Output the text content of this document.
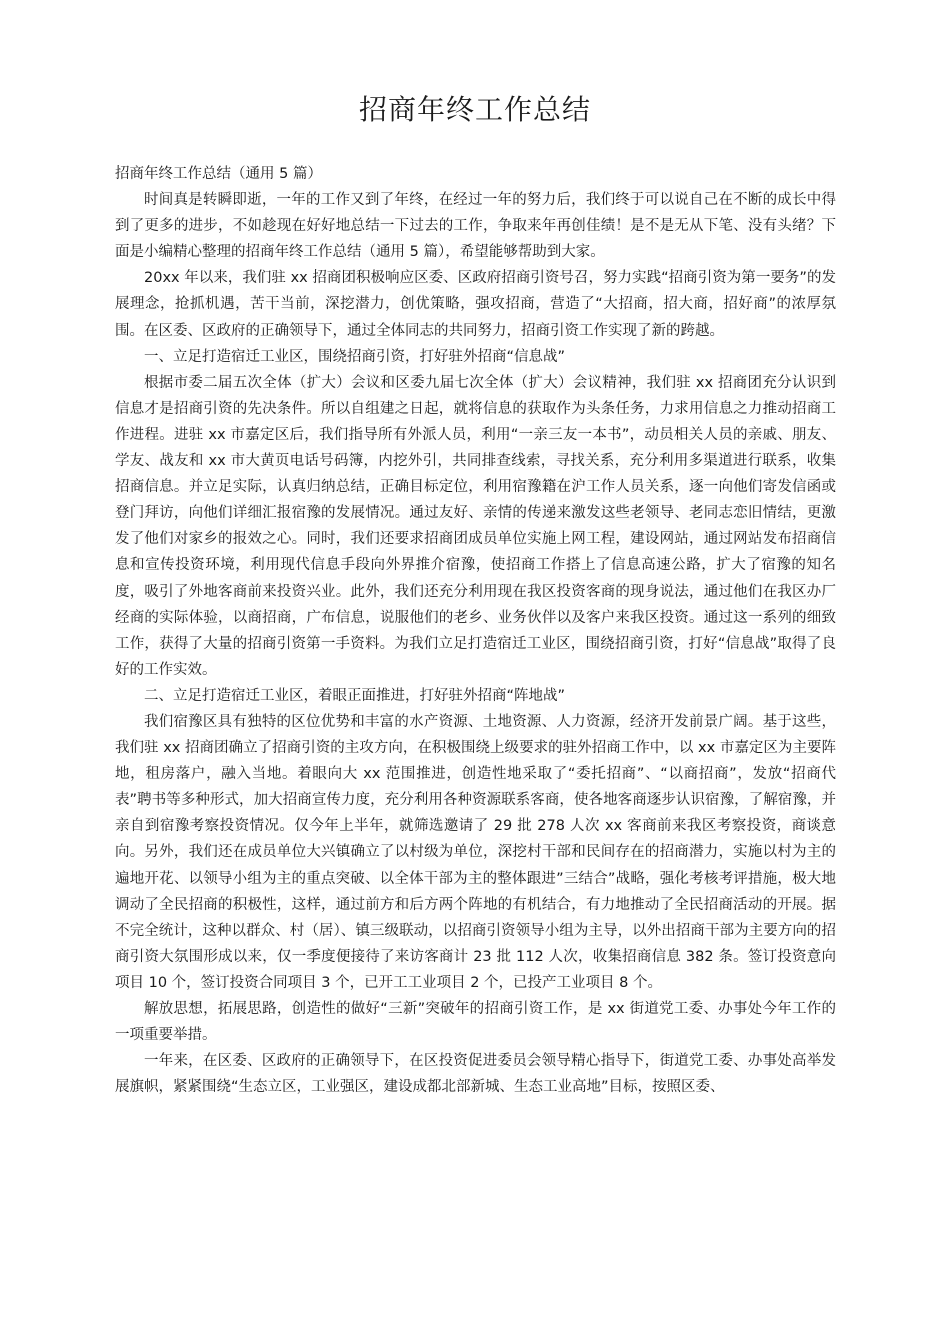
招商年终工作总结

招商年终工作总结（通用 5 篇）

时间真是转瞬即逝，一年的工作又到了年终，在经过一年的努力后，我们终于可以说自己在不断的成长中得到了更多的进步，不如趁现在好好地总结一下过去的工作，争取来年再创佳绩！是不是无从下笔、没有头绪？下面是小编精心整理的招商年终工作总结（通用 5 篇），希望能够帮助到大家。

20xx 年以来，我们驻 xx 招商团积极响应区委、区政府招商引资号召，努力实践“招商引资为第一要务”的发展理念，抢抓机遇，苦干当前，深挖潜力，创优策略，强攻招商，营造了“大招商，招大商，招好商”的浓厚氛围。在区委、区政府的正确领导下，通过全体同志的共同努力，招商引资工作实现了新的跨越。

一、立足打造宿迁工业区，围绕招商引资，打好驻外招商“信息战”

根据市委二届五次全体（扩大）会议和区委九届七次全体（扩大）会议精神，我们驻 xx 招商团充分认识到信息才是招商引资的先决条件。所以自组建之日起，就将信息的获取作为头条任务，力求用信息之力推动招商工作进程。进驻 xx 市嘉定区后，我们指导所有外派人员，利用“一亲三友一本书”，动员相关人员的亲戚、朋友、学友、战友和 xx 市大黄页电话号码簿，内挖外引，共同排查线索，寻找关系，充分利用多渠道进行联系，收集招商信息。并立足实际，认真归纳总结，正确目标定位，利用宿豫籍在沪工作人员关系，逐一向他们寄发信函或登门拜访，向他们详细汇报宿豫的发展情况。通过友好、亲情的传递来激发这些老领导、老同志恋旧情结，更激发了他们对家乡的报效之心。同时，我们还要求招商团成员单位实施上网工程，建设网站，通过网站发布招商信息和宣传投资环境，利用现代信息手段向外界推介宿豫，使招商工作搭上了信息高速公路，扩大了宿豫的知名度，吸引了外地客商前来投资兴业。此外，我们还充分利用现在我区投资客商的现身说法，通过他们在我区办厂经商的实际体验，以商招商，广布信息，说服他们的老乡、业务伙伴以及客户来我区投资。通过这一系列的细致工作，获得了大量的招商引资第一手资料。为我们立足打造宿迁工业区，围绕招商引资，打好“信息战”取得了良好的工作实效。

二、立足打造宿迁工业区，着眼正面推进，打好驻外招商“阵地战”

我们宿豫区具有独特的区位优势和丰富的水产资源、土地资源、人力资源，经济开发前景广阔。基于这些，我们驻 xx 招商团确立了招商引资的主攻方向，在积极围绕上级要求的驻外招商工作中，以 xx 市嘉定区为主要阵地，租房落户，融入当地。着眼向大 xx 范围推进，创造性地采取了“委托招商”、“以商招商”，发放“招商代表”聘书等多种形式，加大招商宣传力度，充分利用各种资源联系客商，使各地客商逐步认识宿豫，了解宿豫，并亲自到宿豫考察投资情况。仅今年上半年，就筛选邀请了 29 批 278 人次 xx 客商前来我区考察投资，商谈意向。另外，我们还在成员单位大兴镇确立了以村级为单位，深挖村干部和民间存在的招商潜力，实施以村为主的遍地开花、以领导小组为主的重点突破、以全体干部为主的整体跟进”三结合”战略，强化考核考评措施，极大地调动了全民招商的积极性，这样，通过前方和后方两个阵地的有机结合，有力地推动了全民招商活动的开展。据不完全统计，这种以群众、村（居）、镇三级联动，以招商引资领导小组为主导，以外出招商干部为主要方向的招商引资大氛围形成以来，仅一季度便接待了来访客商计 23 批 112 人次，收集招商信息 382 条。签订投资意向项目 10 个，签订投资合同项目 3 个，已开工工业项目 2 个，已投产工业项目 8 个。

解放思想，拓展思路，创造性的做好“三新”突破年的招商引资工作，是 xx 街道党工委、办事处今年工作的一项重要举措。

一年来，在区委、区政府的正确领导下，在区投资促进委员会领导精心指导下，街道党工委、办事处高举发展旗帜，紧紧围绕“生态立区，工业强区，建设成都北部新城、生态工业高地”目标，按照区委、
